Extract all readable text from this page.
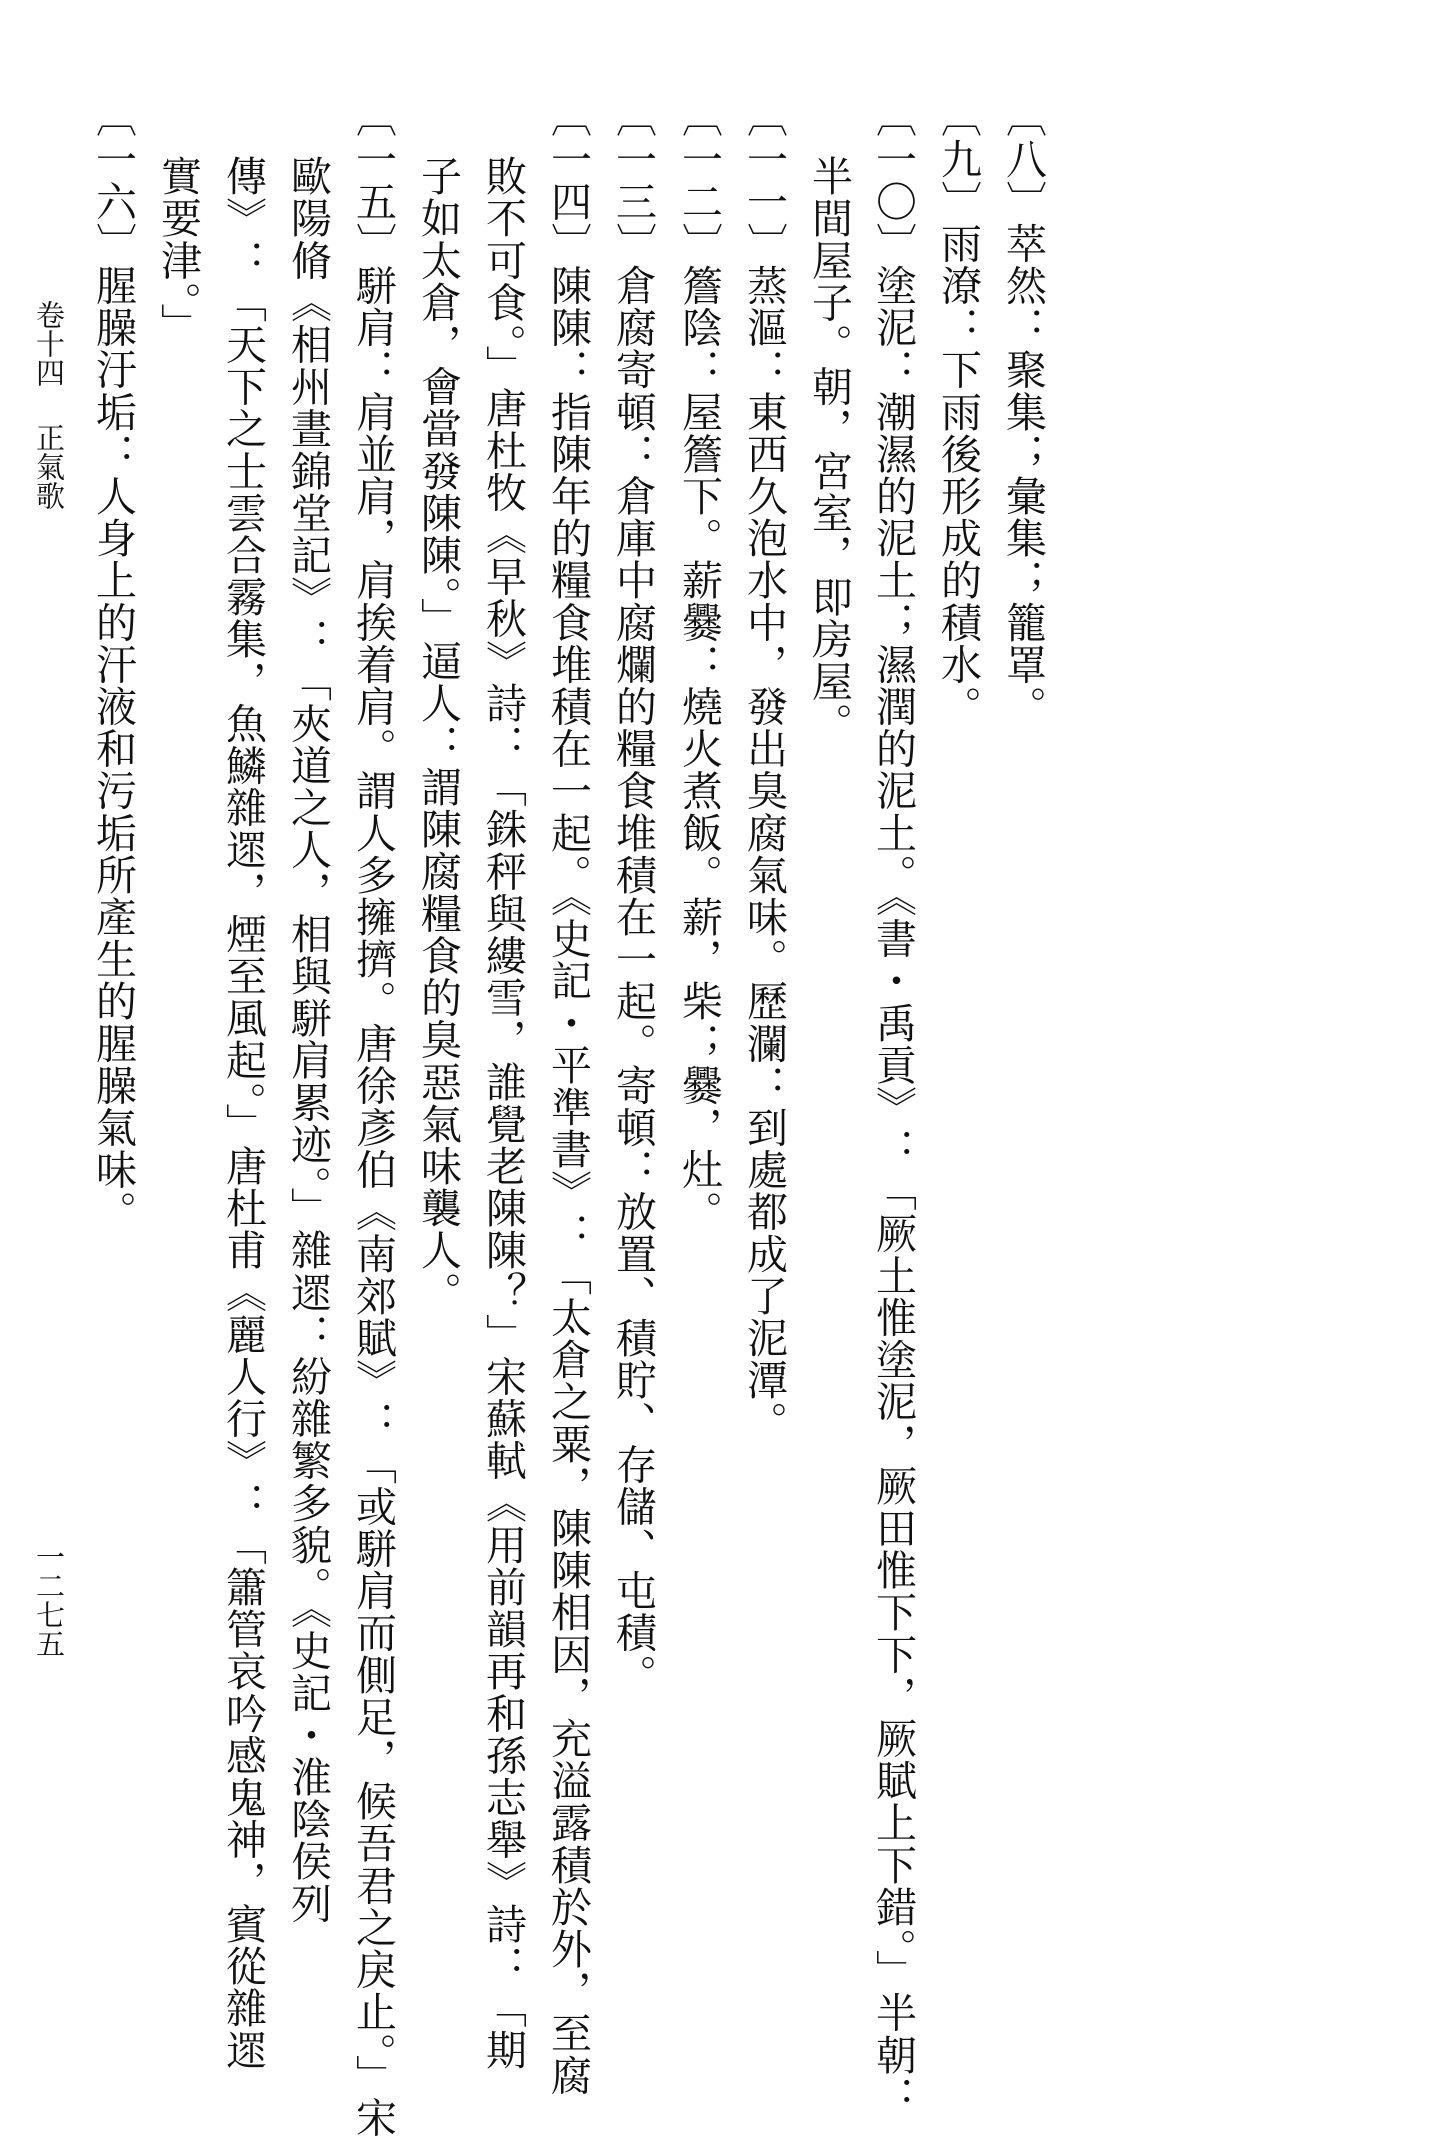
卷十四正氣歌
一二七五
〔八〕萃然：聚集；彙集；籠罩。
〔九〕雨潦：下雨後形成的積水。
〔一〇〕塗泥：潮濕的泥土；濕潤的泥土。《書・禹貢》：「厥土惟塗泥，厥田惟下下，厥賦上下錯。」半朝：
半間屋子。朝，宮室，即房屋。
〔一一〕蒸漚：東西久泡水中，發出臭腐氣味。歷瀾：到處都成了泥潭。
〔一二〕簷陰：屋簷下。薪爨：燒火煮飯。薪，柴；爨，灶。
〔一三〕倉腐寄頓：倉庫中腐爛的糧食堆積在一起。寄頓：放置、積貯、存儲、屯積。
〔一四〕陳陳：指陳年的糧食堆積在一起。《史記・平準書》：「太倉之粟，陳陳相因，充溢露積於外，至腐
敗不可食。」唐杜牧《早秋》詩：「銖秤與縷雪，誰覺老陳陳？」宋蘇軾《用前韻再和孫志舉》詩：「期
子如太倉，會當發陳陳。」逼人：謂陳腐糧食的臭惡氣味襲人。
〔一五〕駢肩：肩並肩，肩挨着肩。謂人多擁擠。唐徐彥伯《南郊賦》：「或駢肩而側足，候吾君之戾止。」宋
歐陽脩《相州晝錦堂記》：「夾道之人，相與駢肩累迹。」雜遝：紛雜繁多貌。《史記・淮陰侯列
傳》：「天下之士雲合霧集，魚鱗雜遝，煙至風起。」唐杜甫《麗人行》：「簫管哀吟感鬼神，賓從雜遝
實要津。」
〔一六〕腥臊汙垢：人身上的汗液和污垢所產生的腥臊氣味。
